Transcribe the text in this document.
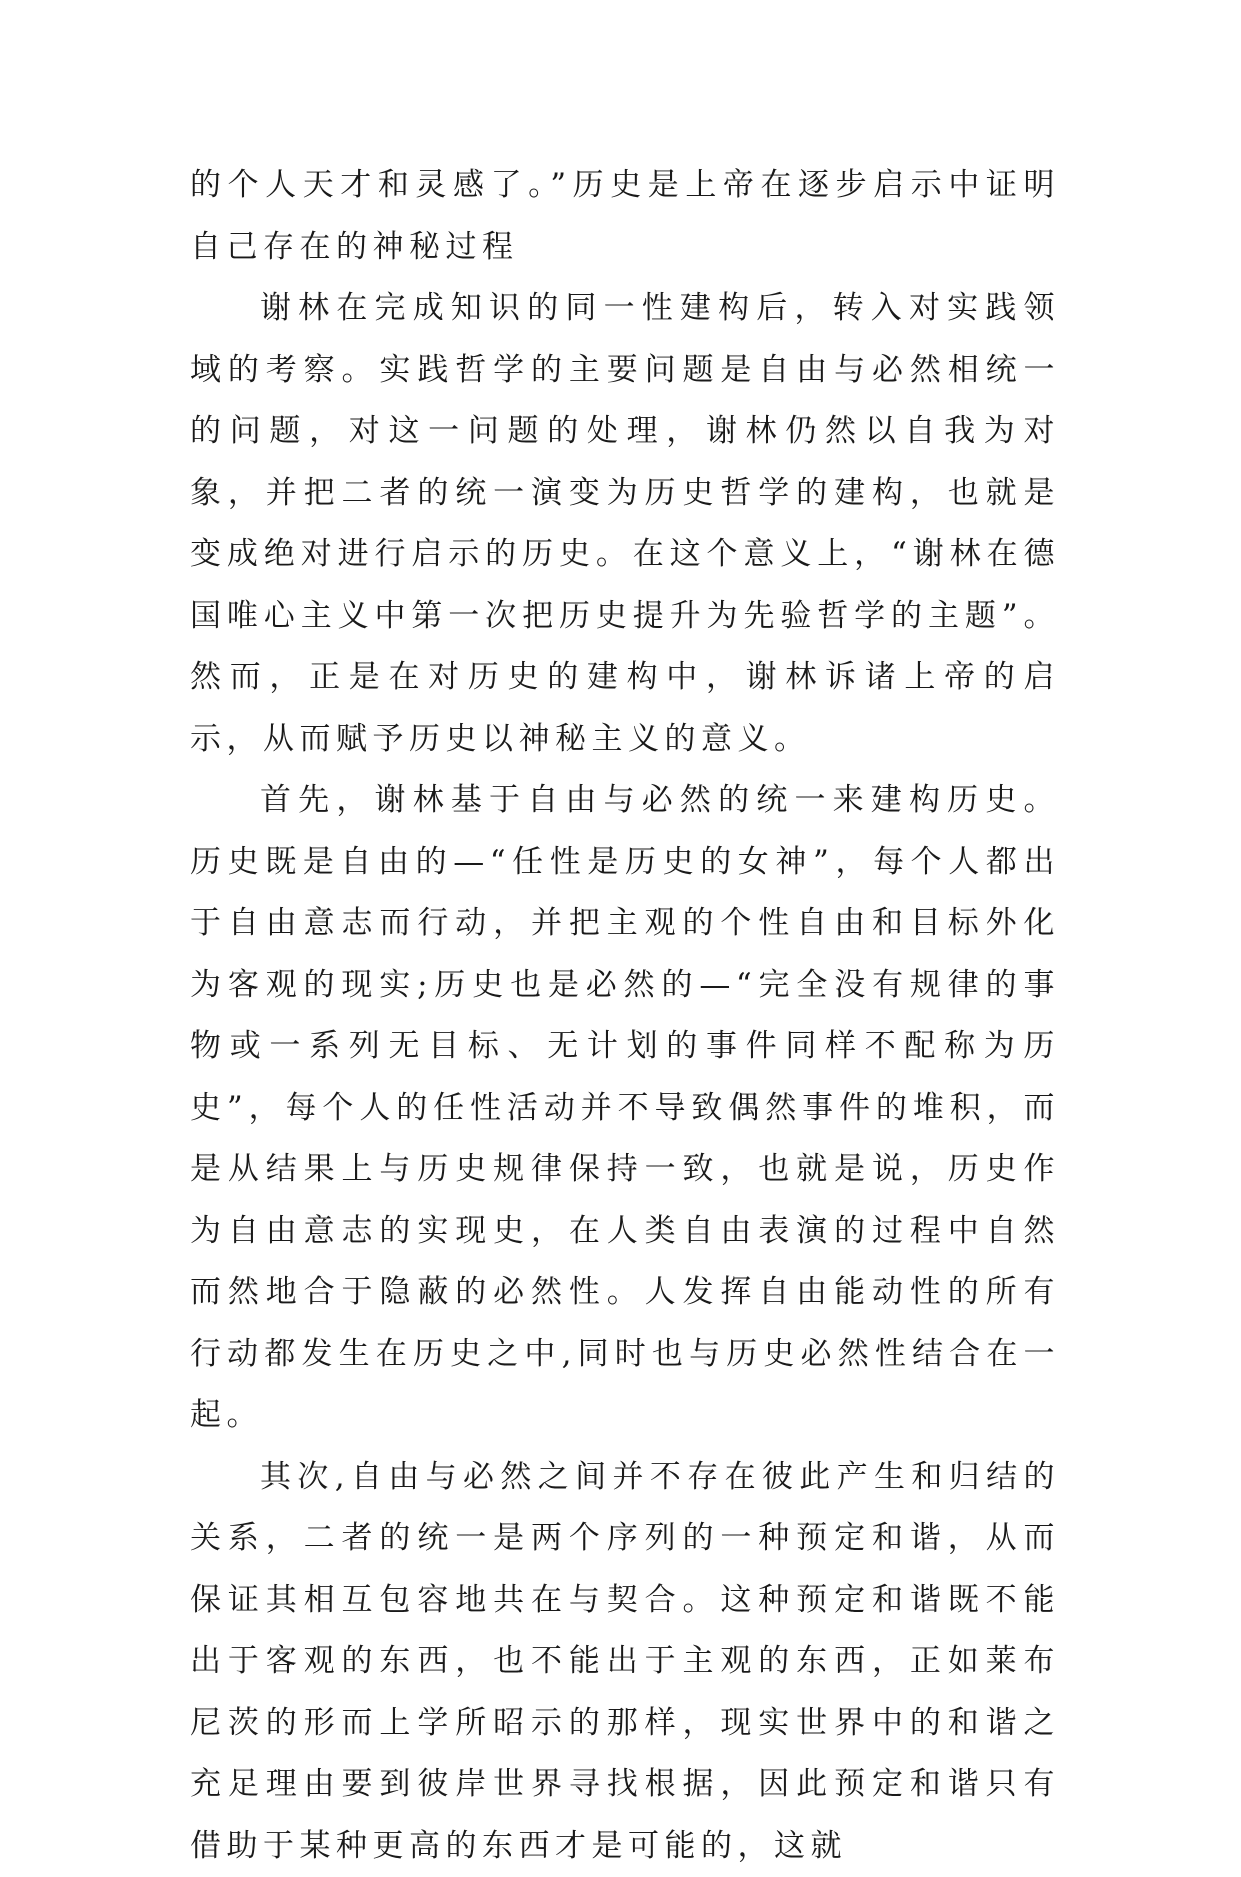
的个人天才和灵感了。”历史是上帝在逐步启示中证明自己存在的神秘过程

谢林在完成知识的同一性建构后，转入对实践领域的考察。实践哲学的主要问题是自由与必然相统一的问题，对这一问题的处理，谢林仍然以自我为对象，并把二者的统一演变为历史哲学的建构，也就是变成绝对进行启示的历史。在这个意义上，“谢林在德国唯心主义中第一次把历史提升为先验哲学的主题”。然而，正是在对历史的建构中，谢林诉诸上帝的启示，从而赋予历史以神秘主义的意义。

首先，谢林基于自由与必然的统一来建构历史。历史既是自由的—“任性是历史的女神”，每个人都出于自由意志而行动，并把主观的个性自由和目标外化为客观的现实;历史也是必然的—“完全没有规律的事物或一系列无目标、无计划的事件同样不配称为历史”，每个人的任性活动并不导致偶然事件的堆积，而是从结果上与历史规律保持一致，也就是说，历史作为自由意志的实现史，在人类自由表演的过程中自然而然地合于隐蔽的必然性。人发挥自由能动性的所有行动都发生在历史之中,同时也与历史必然性结合在一起。

其次,自由与必然之间并不存在彼此产生和归结的关系，二者的统一是两个序列的一种预定和谐，从而保证其相互包容地共在与契合。这种预定和谐既不能出于客观的东西，也不能出于主观的东西，正如莱布尼茨的形而上学所昭示的那样，现实世界中的和谐之充足理由要到彼岸世界寻找根据，因此预定和谐只有借助于某种更高的东西才是可能的，这就
